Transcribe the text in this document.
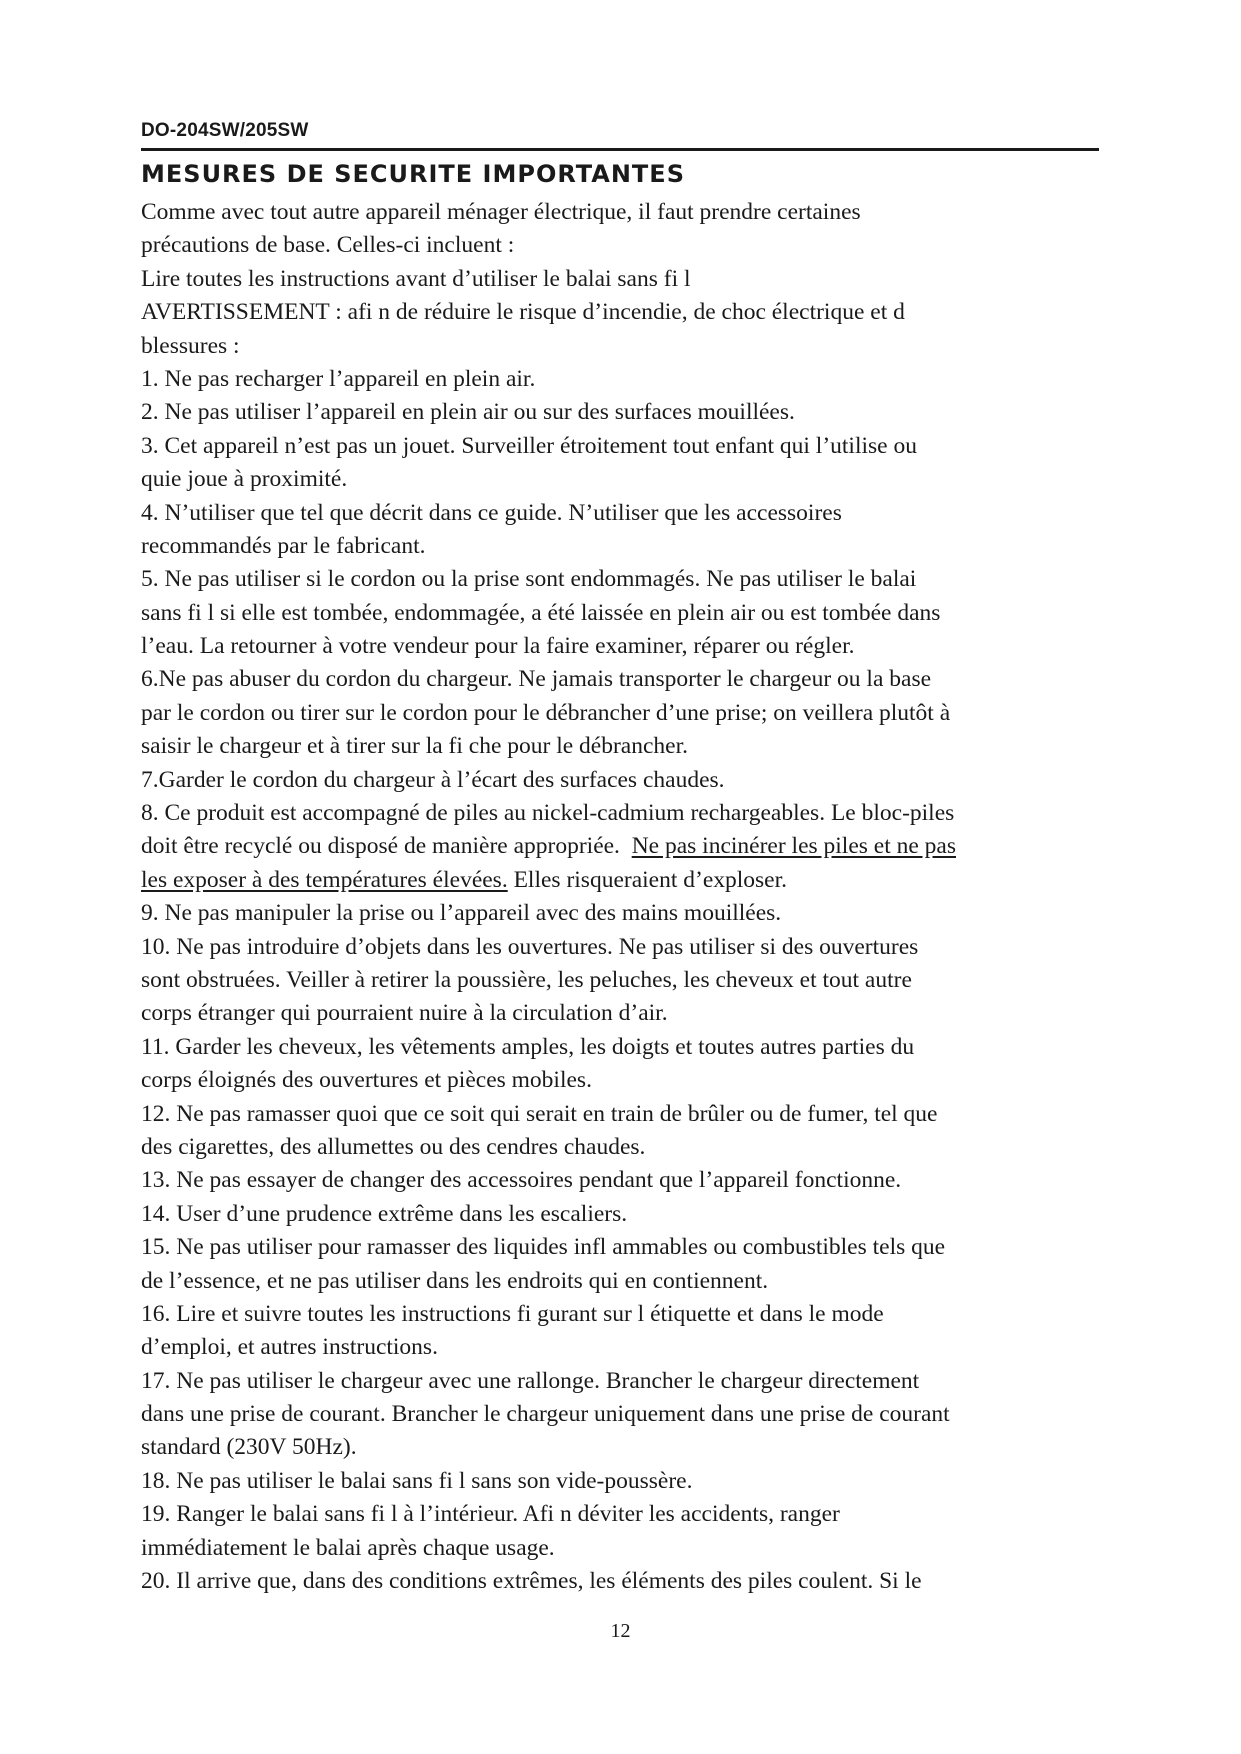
DO-204SW/205SW
MESURES DE SECURITE IMPORTANTES
Comme avec tout autre appareil ménager électrique, il faut prendre certaines
précautions de base. Celles-ci incluent :
Lire toutes les instructions avant d’utiliser le balai sans fi l
AVERTISSEMENT : afi n de réduire le risque d’incendie, de choc électrique et d
blessures :
1. Ne pas recharger l’appareil en plein air.
2. Ne pas utiliser l’appareil en plein air ou sur des surfaces mouillées.
3. Cet appareil n’est pas un jouet. Surveiller étroitement tout enfant qui l’utilise ou
quie joue à proximité.
4. N’utiliser que tel que décrit dans ce guide. N’utiliser que les accessoires
recommandés par le fabricant.
5. Ne pas utiliser si le cordon ou la prise sont endommagés. Ne pas utiliser le balai
sans fi l si elle est tombée, endommagée, a été laissée en plein air ou est tombée dans
l’eau. La retourner à votre vendeur pour la faire examiner, réparer ou régler.
6.Ne pas abuser du cordon du chargeur. Ne jamais transporter le chargeur ou la base
par le cordon ou tirer sur le cordon pour le débrancher d’une prise; on veillera plutôt à
saisir le chargeur et à tirer sur la fi che pour le débrancher.
7.Garder le cordon du chargeur à l’écart des surfaces chaudes.
8. Ce produit est accompagné de piles au nickel-cadmium rechargeables. Le bloc-piles
doit être recyclé ou disposé de manière appropriée.  Ne pas incinérer les piles et ne pas
les exposer à des températures élevées. Elles risqueraient d’exploser.
9. Ne pas manipuler la prise ou l’appareil avec des mains mouillées.
10. Ne pas introduire d’objets dans les ouvertures. Ne pas utiliser si des ouvertures
sont obstruées. Veiller à retirer la poussière, les peluches, les cheveux et tout autre
corps étranger qui pourraient nuire à la circulation d’air.
11. Garder les cheveux, les vêtements amples, les doigts et toutes autres parties du
corps éloignés des ouvertures et pièces mobiles.
12. Ne pas ramasser quoi que ce soit qui serait en train de brûler ou de fumer, tel que
des cigarettes, des allumettes ou des cendres chaudes.
13. Ne pas essayer de changer des accessoires pendant que l’appareil fonctionne.
14. User d’une prudence extrême dans les escaliers.
15. Ne pas utiliser pour ramasser des liquides infl ammables ou combustibles tels que
de l’essence, et ne pas utiliser dans les endroits qui en contiennent.
16. Lire et suivre toutes les instructions fi gurant sur l étiquette et dans le mode
d’emploi, et autres instructions.
17. Ne pas utiliser le chargeur avec une rallonge. Brancher le chargeur directement
dans une prise de courant. Brancher le chargeur uniquement dans une prise de courant
standard (230V 50Hz).
18. Ne pas utiliser le balai sans fi l sans son vide-poussère.
19. Ranger le balai sans fi l à l’intérieur. Afi n déviter les accidents, ranger
immédiatement le balai après chaque usage.
20. Il arrive que, dans des conditions extrêmes, les éléments des piles coulent. Si le
12
